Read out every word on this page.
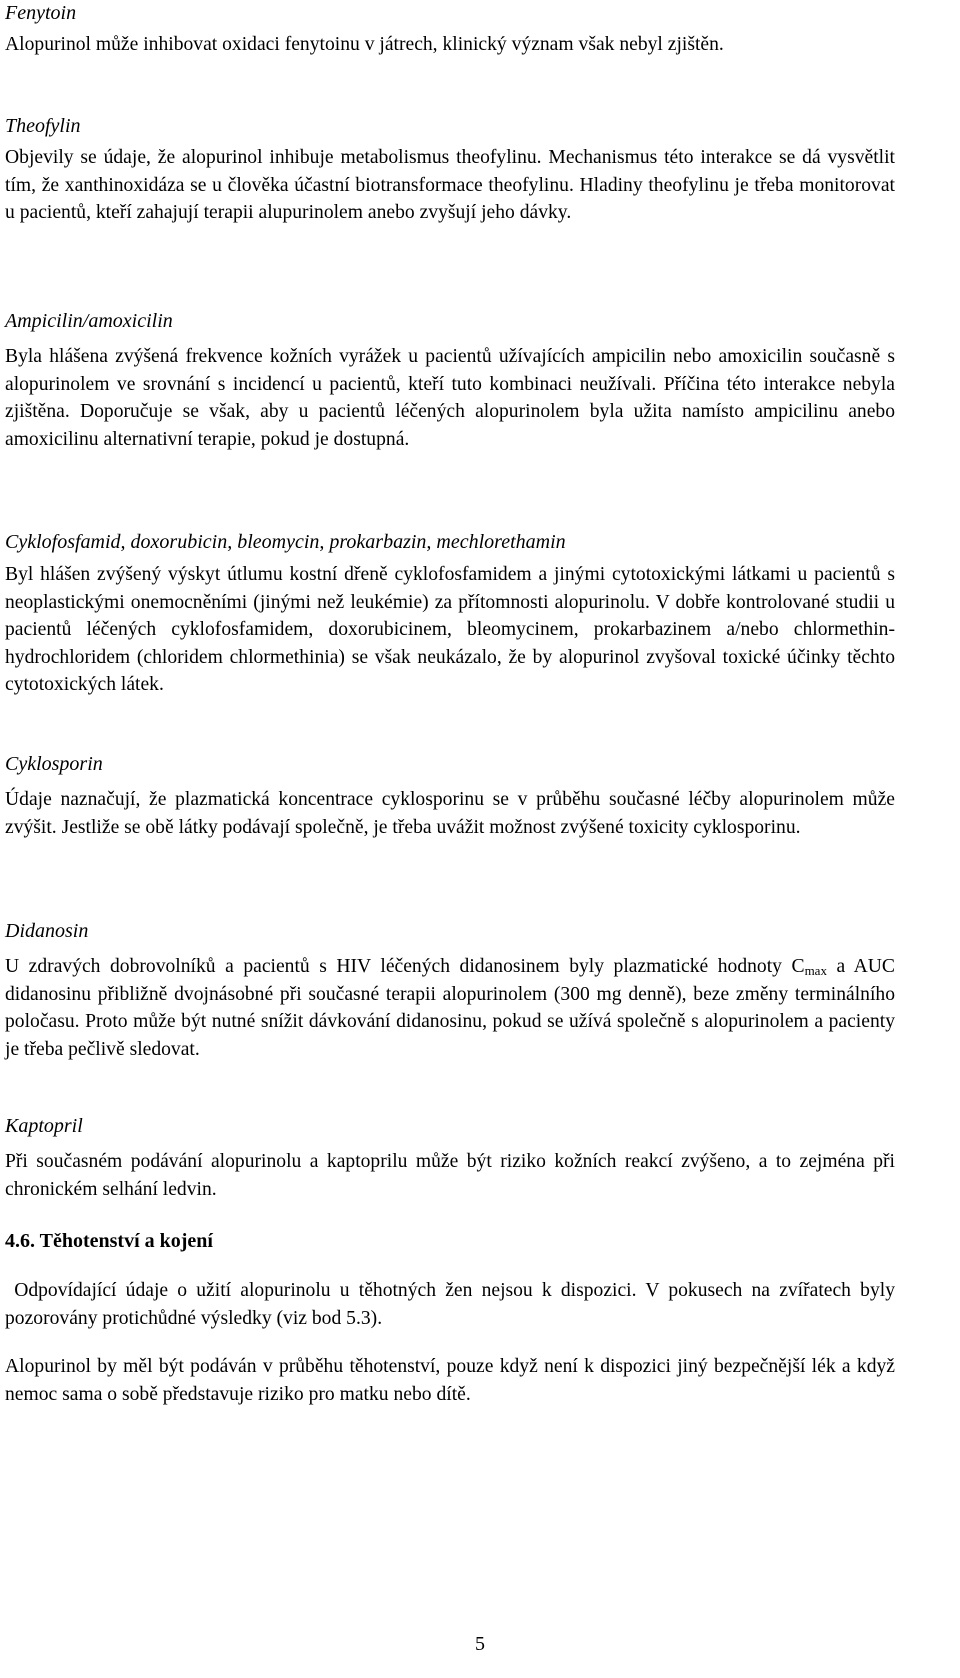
Fenytoin

Alopurinol může inhibovat oxidaci fenytoinu v játrech, klinický význam však nebyl zjištěn.

Theofylin

Objevily se údaje, že alopurinol inhibuje metabolismus theofylinu. Mechanismus této interakce se dá vysvětlit tím, že xanthinoxidáza se u člověka účastní biotransformace theofylinu. Hladiny theofylinu je třeba monitorovat u pacientů, kteří zahajují terapii alupurinolem anebo zvyšují jeho dávky.

Ampicilin/amoxicilin

Byla hlášena zvýšená frekvence kožních vyrážek u pacientů užívajících ampicilin nebo amoxicilin současně s alopurinolem ve srovnání s incidencí u pacientů, kteří tuto kombinaci neužívali. Příčina této interakce nebyla zjištěna. Doporučuje se však, aby u pacientů léčených alopurinolem byla užita namísto ampicilinu anebo amoxicilinu alternativní terapie, pokud je dostupná.

Cyklofosfamid, doxorubicin, bleomycin, prokarbazin, mechlorethamin

Byl hlášen zvýšený výskyt útlumu kostní dřeně cyklofosfamidem a jinými cytotoxickými látkami u pacientů s neoplastickými onemocněními (jinými než leukémie) za přítomnosti alopurinolu. V dobře kontrolované studii u pacientů léčených cyklofosfamidem, doxorubicinem, bleomycinem, prokarbazinem a/nebo chlormethin-hydrochloridem (chloridem chlormethinia) se však neukázalo, že by alopurinol zvyšoval toxické účinky těchto cytotoxických látek.

Cyklosporin

Údaje naznačují, že plazmatická koncentrace cyklosporinu se v průběhu současné léčby alopurinolem může zvýšit. Jestliže se obě látky podávají společně, je třeba uvážit možnost zvýšené toxicity cyklosporinu.

Didanosin

U zdravých dobrovolníků a pacientů s HIV léčených didanosinem byly plazmatické hodnoty $C_{max}$ a AUC didanosinu přibližně dvojnásobné při současné terapii alopurinolem (300 mg denně), beze změny terminálního poločasu. Proto může být nutné snížit dávkování didanosinu, pokud se užívá společně s alopurinolem a pacienty je třeba pečlivě sledovat.

Kaptopril

Při současném podávání alopurinolu a kaptoprilu může být riziko kožních reakcí zvýšeno, a to zejména při chronickém selhání ledvin.

4.6. Těhotenství a kojení

Odpovídající údaje o užití alopurinolu u těhotných žen nejsou k dispozici. V pokusech na zvířatech byly pozorovány protichůdné výsledky (viz bod 5.3).

Alopurinol by měl být podáván v průběhu těhotenství, pouze když není k dispozici jiný bezpečnější lék a když nemoc sama o sobě představuje riziko pro matku nebo dítě.

5
